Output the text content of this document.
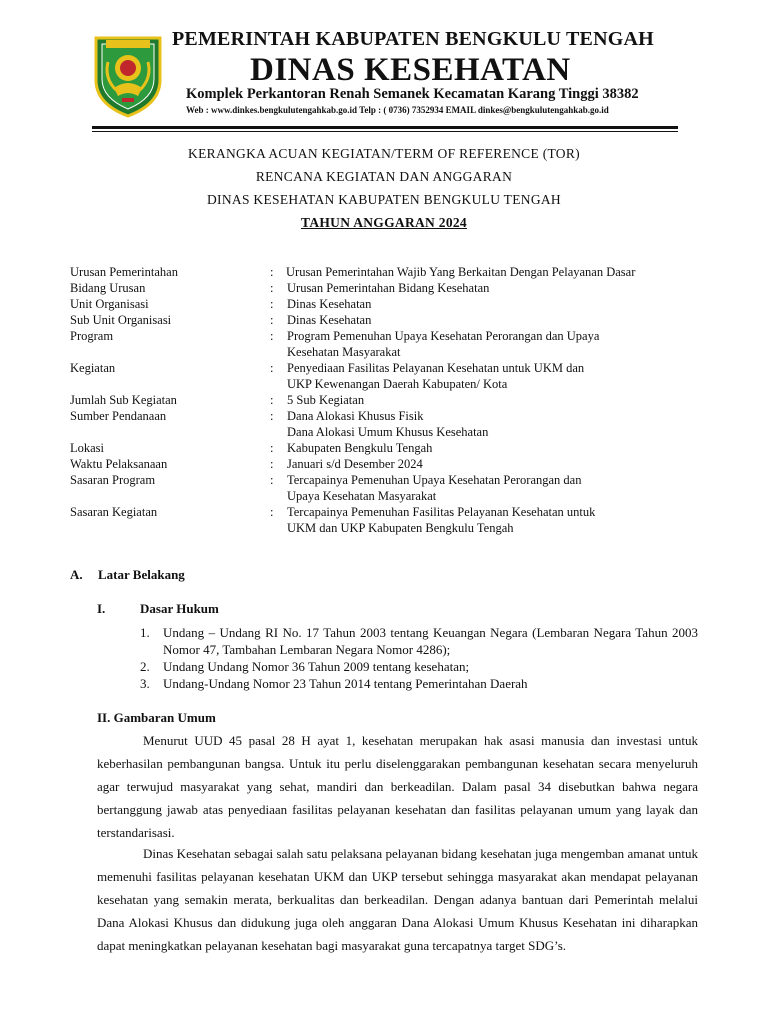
PEMERINTAH KABUPATEN BENGKULU TENGAH
DINAS KESEHATAN
Komplek Perkantoran Renah Semanek Kecamatan Karang Tinggi 38382
Web : www.dinkes.bengkulutengahkab.go.id Telp : ( 0736) 7352934 EMAIL dinkes@bengkulutengahkab.go.id
KERANGKA ACUAN KEGIATAN/TERM OF REFERENCE (TOR)
RENCANA KEGIATAN DAN ANGGARAN
DINAS KESEHATAN KABUPATEN BENGKULU TENGAH
TAHUN ANGGARAN 2024
Urusan Pemerintahan	:	Urusan Pemerintahan Wajib Yang Berkaitan Dengan Pelayanan Dasar
Bidang Urusan	:	Urusan Pemerintahan Bidang Kesehatan
Unit Organisasi	:	Dinas Kesehatan
Sub Unit Organisasi	:	Dinas Kesehatan
Program	:	Program Pemenuhan Upaya Kesehatan Perorangan dan Upaya
Kesehatan Masyarakat
Kegiatan	:	Penyediaan Fasilitas Pelayanan Kesehatan untuk UKM dan
UKP Kewenangan Daerah Kabupaten/ Kota
Jumlah Sub Kegiatan	:	5 Sub Kegiatan
Sumber Pendanaan	:	Dana Alokasi Khusus Fisik
Dana Alokasi Umum Khusus Kesehatan
Lokasi	:	Kabupaten Bengkulu Tengah
Waktu Pelaksanaan	:	Januari s/d Desember 2024
Sasaran Program	:	Tercapainya Pemenuhan Upaya Kesehatan Perorangan dan
Upaya Kesehatan Masyarakat
Sasaran Kegiatan	:	Tercapainya Pemenuhan Fasilitas Pelayanan Kesehatan untuk
UKM dan UKP Kabupaten Bengkulu Tengah
A. Latar Belakang
I.	Dasar Hukum
1. Undang – Undang RI No. 17 Tahun 2003 tentang Keuangan Negara (Lembaran Negara Tahun 2003 Nomor 47, Tambahan Lembaran Negara Nomor 4286);
2. Undang Undang Nomor 36 Tahun 2009 tentang kesehatan;
3. Undang-Undang Nomor 23 Tahun 2014 tentang Pemerintahan Daerah
II. Gambaran Umum
Menurut UUD 45 pasal 28 H ayat 1, kesehatan merupakan hak asasi manusia dan investasi untuk keberhasilan pembangunan bangsa. Untuk itu perlu diselenggarakan pembangunan kesehatan secara menyeluruh agar terwujud masyarakat yang sehat, mandiri dan berkeadilan. Dalam pasal 34 disebutkan bahwa negara bertanggung jawab atas penyediaan fasilitas pelayanan kesehatan dan fasilitas pelayanan umum yang layak dan terstandarisasi.
Dinas Kesehatan sebagai salah satu pelaksana pelayanan bidang kesehatan juga mengemban amanat untuk memenuhi fasilitas pelayanan kesehatan UKM dan UKP tersebut sehingga masyarakat akan mendapat pelayanan kesehatan yang semakin merata, berkualitas dan berkeadilan. Dengan adanya bantuan dari Pemerintah melalui Dana Alokasi Khusus dan didukung juga oleh anggaran Dana Alokasi Umum Khusus Kesehatan ini diharapkan dapat meningkatkan pelayanan kesehatan bagi masyarakat guna tercapatnya target SDG’s.
